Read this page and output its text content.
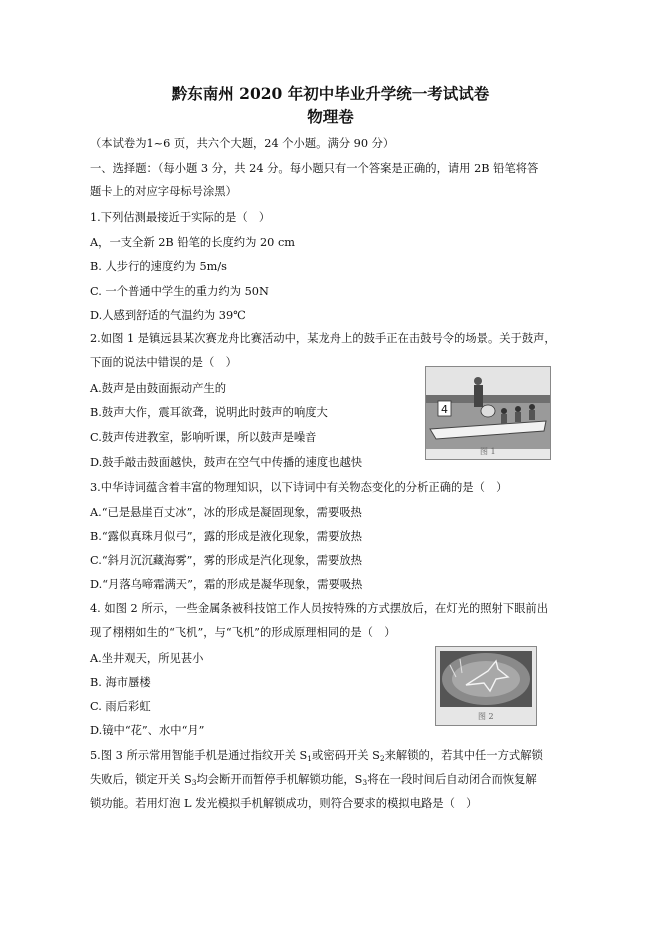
黔东南州 2020 年初中毕业升学统一考试试卷
物理卷
（本试卷为1~6 页，共六个大题，24 个小题。满分 90 分）
一、选择题：（每小题 3 分，共 24 分。每小题只有一个答案是正确的，请用 2B 铅笔将答
题卡上的对应字母标号涂黑）
1.下列估测最接近于实际的是（　）
A，一支全新 2B 铅笔的长度约为 20 cm
B. 人步行的速度约为 5m/s
C. 一个普通中学生的重力约为 50N
D.人感到舒适的气温约为 39℃
2.如图 1 是镇远县某次赛龙舟比赛活动中，某龙舟上的鼓手正在击鼓号令的场景。关于鼓声，
下面的说法中错误的是（　）
A.鼓声是由鼓面振动产生的
B.鼓声大作，震耳欲聋，说明此时鼓声的响度大
C.鼓声传进教室，影响听课，所以鼓声是噪音
D.鼓手敲击鼓面越快，鼓声在空气中传播的速度也越快
4
图 1
3.中华诗词蕴含着丰富的物理知识，以下诗词中有关物态变化的分析正确的是（　）
A.“已是悬崖百丈冰”，冰的形成是凝固现象，需要吸热
B.“露似真珠月似弓”，露的形成是液化现象，需要放热
C.“斜月沉沉藏海雾”，雾的形成是汽化现象，需要放热
D.“月落乌啼霜满天”，霜的形成是凝华现象，需要吸热
4. 如图 2 所示，一些金属条被科技馆工作人员按特殊的方式摆放后，在灯光的照射下眼前出
现了栩栩如生的“飞机”，与“飞机”的形成原理相同的是（　）
A.坐井观天，所见甚小
B. 海市蜃楼
C. 雨后彩虹
D.镜中“花”、水中“月”
图 2
5.图 3 所示常用智能手机是通过指纹开关 $S_1$或密码开关 $S_2$来解锁的，若其中任一方式解锁
失败后，锁定开关 $S_3$均会断开而暂停手机解锁功能，$S_3$将在一段时间后自动闭合而恢复解
锁功能。若用灯泡 L 发光模拟手机解锁成功，则符合要求的模拟电路是（　）
